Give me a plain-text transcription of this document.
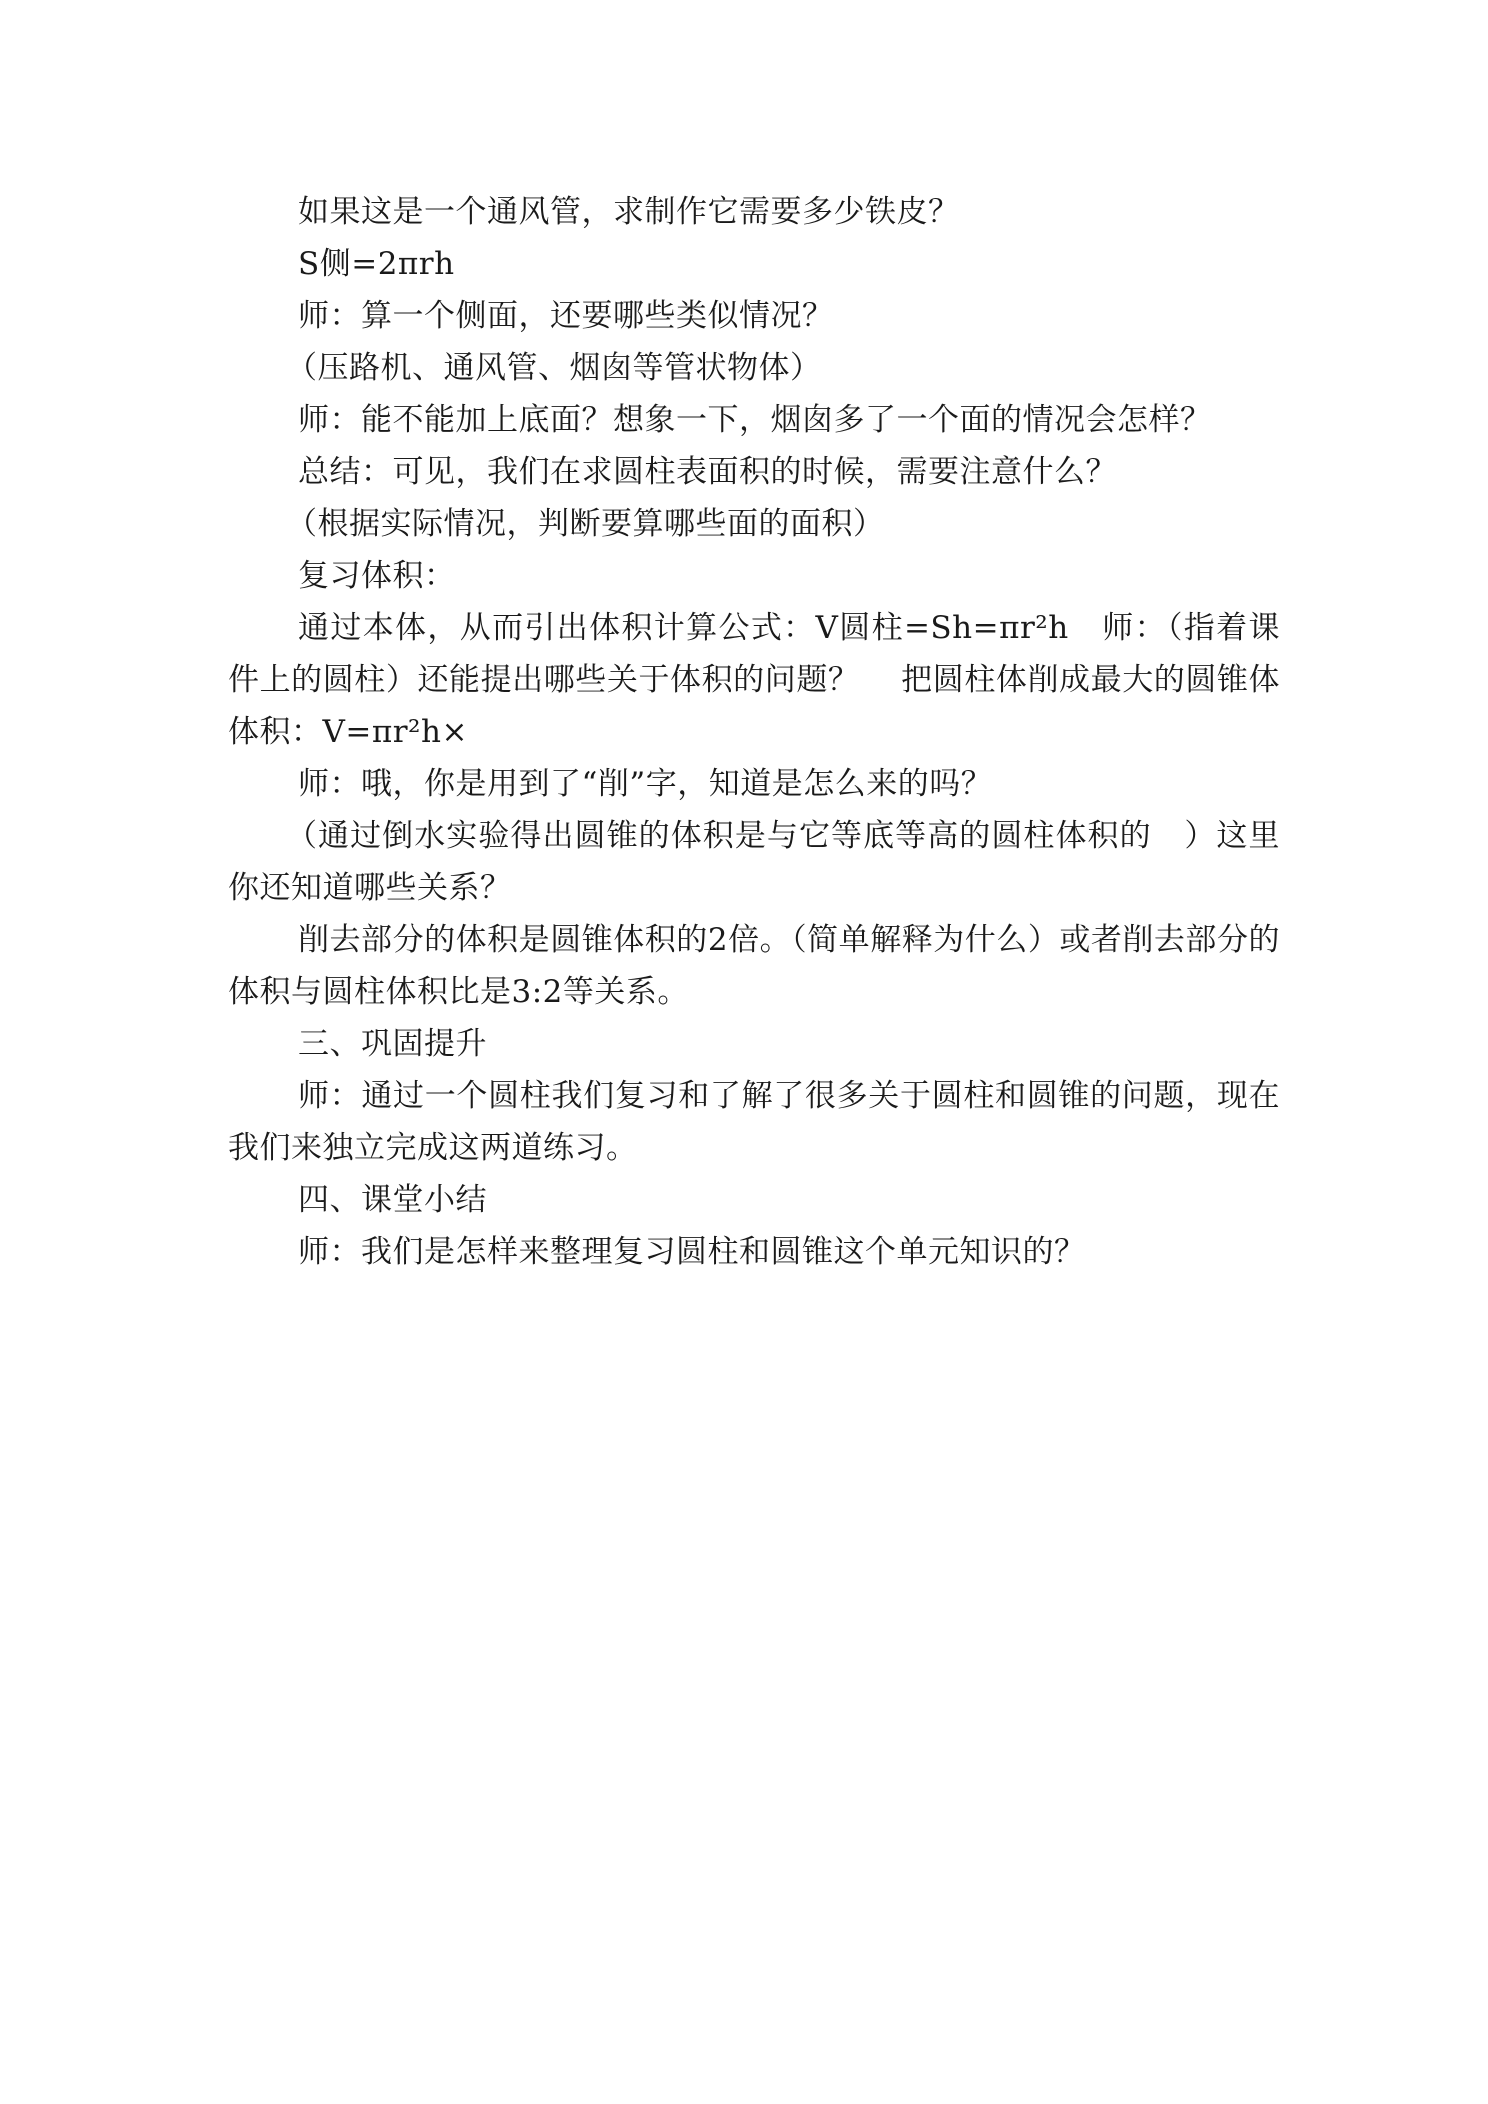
如果这是一个通风管，求制作它需要多少铁皮？

S侧=2πrh

师：算一个侧面，还要哪些类似情况？

（压路机、通风管、烟囱等管状物体）

师：能不能加上底面？想象一下，烟囱多了一个面的情况会怎样？

总结：可见，我们在求圆柱表面积的时候，需要注意什么？

（根据实际情况，判断要算哪些面的面积）

复习体积：

通过本体，从而引出体积计算公式：V圆柱=Sh=πr²h   师：（指着课件上的圆柱）还能提出哪些关于体积的问题？    把圆柱体削成最大的圆锥体体积：V=πr²h×

师：哦，你是用到了“削”字，知道是怎么来的吗？

（通过倒水实验得出圆锥的体积是与它等底等高的圆柱体积的   ）这里你还知道哪些关系？

削去部分的体积是圆锥体积的2倍。（简单解释为什么）或者削去部分的体积与圆柱体积比是3:2等关系。

三、巩固提升

师：通过一个圆柱我们复习和了解了很多关于圆柱和圆锥的问题，现在我们来独立完成这两道练习。

四、课堂小结

师：我们是怎样来整理复习圆柱和圆锥这个单元知识的？
